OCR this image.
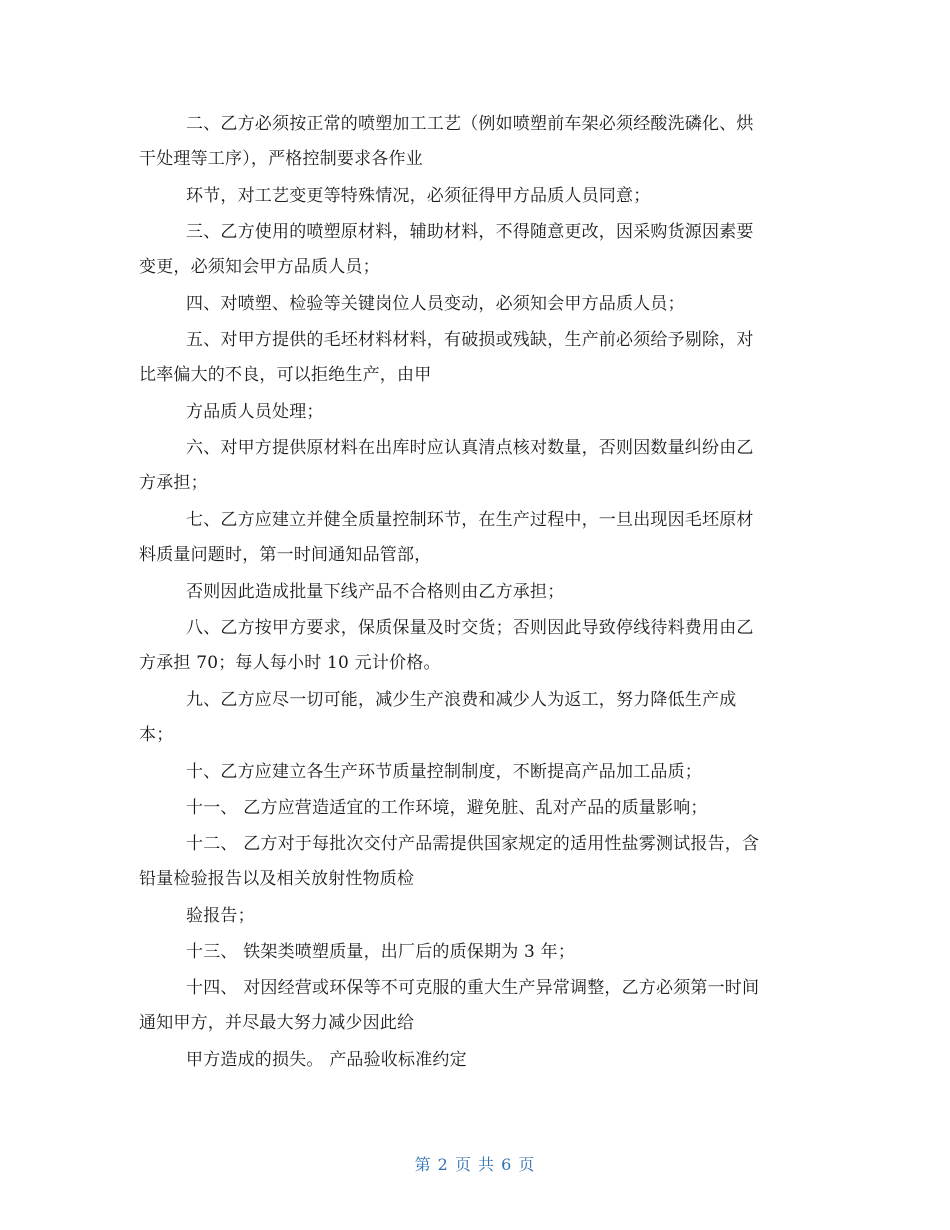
二、乙方必须按正常的喷塑加工工艺（例如喷塑前车架必须经酸洗磷化、烘
干处理等工序），严格控制要求各作业
环节，对工艺变更等特殊情况，必须征得甲方品质人员同意；
三、乙方使用的喷塑原材料，辅助材料，不得随意更改，因采购货源因素要
变更，必须知会甲方品质人员；
四、对喷塑、检验等关键岗位人员变动，必须知会甲方品质人员；
五、对甲方提供的毛坯材料材料，有破损或残缺，生产前必须给予剔除，对
比率偏大的不良，可以拒绝生产，由甲
方品质人员处理；
六、对甲方提供原材料在出库时应认真清点核对数量，否则因数量纠纷由乙
方承担；
七、乙方应建立并健全质量控制环节，在生产过程中，一旦出现因毛坯原材
料质量问题时，第一时间通知品管部，
否则因此造成批量下线产品不合格则由乙方承担；
八、乙方按甲方要求，保质保量及时交货；否则因此导致停线待料费用由乙
方承担 70；每人每小时 10 元计价格。
九、乙方应尽一切可能，减少生产浪费和减少人为返工，努力降低生产成
本；
十、乙方应建立各生产环节质量控制制度，不断提高产品加工品质；
十一、 乙方应营造适宜的工作环境，避免脏、乱对产品的质量影响；
十二、 乙方对于每批次交付产品需提供国家规定的适用性盐雾测试报告，含
铅量检验报告以及相关放射性物质检
验报告；
十三、 铁架类喷塑质量，出厂后的质保期为 3 年；
十四、 对因经营或环保等不可克服的重大生产异常调整，乙方必须第一时间
通知甲方，并尽最大努力减少因此给
甲方造成的损失。 产品验收标准约定
第 2 页 共 6 页
